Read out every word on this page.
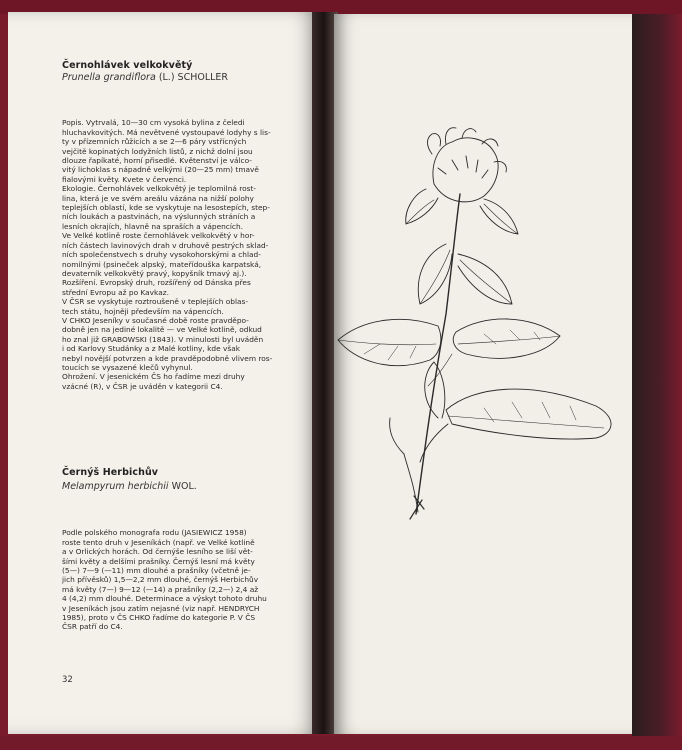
Černohlávek velkokvětý
Prunella grandiflora (L.) SCHOLLER

Popis. Vytrvalá, 10—30 cm vysoká bylina z čeledi
hluchavkovitých. Má nevětvené vystoupavé lodyhy s lis-
ty v přízemních růžicích a se 2—6 páry vstřícných
vejčitě kopinatých lodyžních listů, z nichž dolní jsou
dlouze řapíkaté, horní přisedlé. Květenství je válco-
vitý lichoklas s nápadně velkými (20—25 mm) tmavě
fialovými květy. Kvete v červenci.
Ekologie. Černohlávek velkokvětý je teplomilná rost-
lina, která je ve svém areálu vázána na nižší polohy
teplejších oblastí, kde se vyskytuje na lesostepích, step-
ních loukách a pastvinách, na výslunných stráních a
lesních okrajích, hlavně na spraších a vápencích.
Ve Velké kotlině roste černohlávek velkokvětý v hor-
ních částech lavinových drah v druhově pestrých sklad-
ních společenstvech s druhy vysokohorskými a chlad-
nomilnými (psineček alpský, mateřídouška karpatská,
devaterník velkokvětý pravý, kopyšník tmavý aj.).
Rozšíření. Evropský druh, rozšířený od Dánska přes
střední Evropu až po Kavkaz.
V ČSR se vyskytuje roztroušeně v teplejších oblas-
tech státu, hojněji především na vápencích.
V CHKO Jeseníky v současné době roste pravděpo-
dobně jen na jediné lokalitě — ve Velké kotlině, odkud
ho znal již GRABOWSKI (1843). V minulosti byl uváděn
i od Karlovy Studánky a z Malé kotliny, kde však
nebyl novější potvrzen a kde pravděpodobně vlivem ros-
toucích se vysazené klečů vyhynul.
Ohrožení. V jesenickém ČS ho řadíme mezi druhy
vzácné (R), v ČSR je uváděn v kategorii C4.

Černýš Herbichův
Melampyrum herbichii WOL.

Podle polského monografa rodu (JASIEWICZ 1958)
roste tento druh v Jeseníkách (např. ve Velké kotlině
a v Orlických horách. Od černýše lesního se liší vět-
šími květy a delšími prašníky. Černýš lesní má květy
(5—) 7—9 (—11) mm dlouhé a prašníky (včetně je-
jich přívěsků) 1,5—2,2 mm dlouhé, černýš Herbichův
má květy (7—) 9—12 (—14) a prašníky (2,2—) 2,4 až
4 (4,2) mm dlouhé. Determinace a výskyt tohoto druhu
v Jeseníkách jsou zatím nejasné (viz např. HENDRYCH
1985), proto v ČS CHKO řadíme do kategorie P. V ČS
ČSR patří do C4.

32
